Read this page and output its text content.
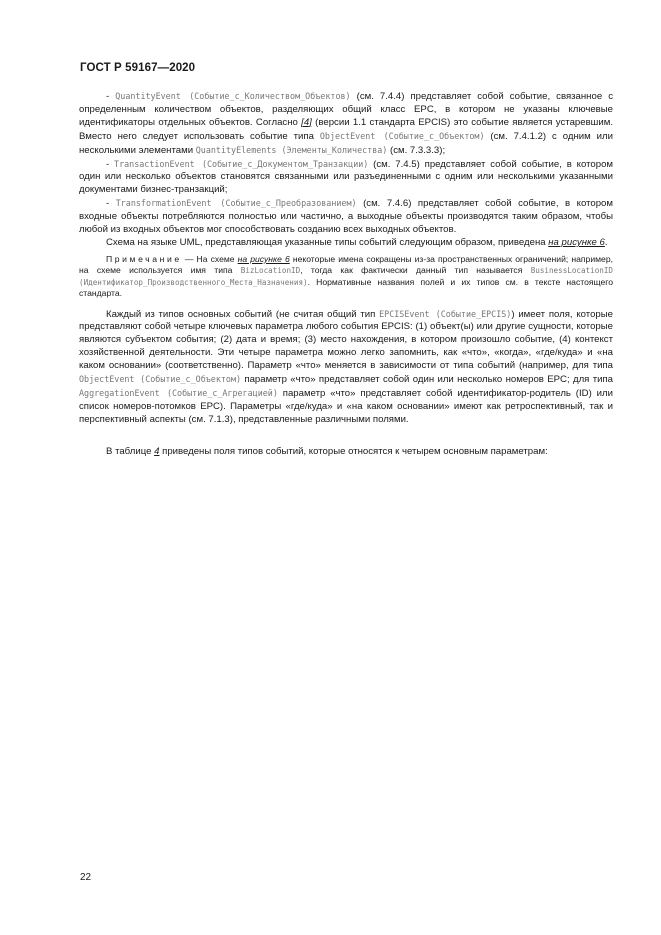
ГОСТ Р 59167—2020

- QuantityEvent (Событие_с_Количеством_Объектов) (см. 7.4.4) представляет собой событие, связанное с определенным количеством объектов, разделяющих общий класс EPC, в котором не указаны ключевые идентификаторы отдельных объектов. Согласно [4] (версии 1.1 стандарта EPCIS) это событие является устаревшим. Вместо него следует использовать событие типа ObjectEvent (Событие_с_Объектом) (см. 7.4.1.2) с одним или несколькими элементами QuantityElements (Элементы_Количества) (см. 7.3.3.3);

- TransactionEvent (Событие_с_Документом_Транзакции) (см. 7.4.5) представляет собой событие, в котором один или несколько объектов становятся связанными или разъединенными с одним или несколькими указанными документами бизнес-транзакций;

- TransformationEvent (Событие_с_Преобразованием) (см. 7.4.6) представляет собой событие, в котором входные объекты потребляются полностью или частично, а выходные объекты производятся таким образом, чтобы любой из входных объектов мог способствовать созданию всех выходных объектов.

Схема на языке UML, представляющая указанные типы событий следующим образом, приведена на рисунке 6.

Примечание — На схеме на рисунке 6 некоторые имена сокращены из-за пространственных ограничений; например, на схеме используется имя типа BizLocationID, тогда как фактически данный тип называется BusinessLocationID (Идентификатор_Производственного_Места_Назначения). Нормативные названия полей и их типов см. в тексте настоящего стандарта.

Каждый из типов основных событий (не считая общий тип EPCISEvent (Событие_EPCIS)) имеет поля, которые представляют собой четыре ключевых параметра любого события EPCIS: (1) объект(ы) или другие сущности, которые являются субъектом события; (2) дата и время; (3) место нахождения, в котором произошло событие, (4) контекст хозяйственной деятельности. Эти четыре параметра можно легко запомнить, как «что», «когда», «где/куда» и «на каком основании» (соответственно). Параметр «что» меняется в зависимости от типа событий (например, для типа ObjectEvent (Событие_с_Объектом) параметр «что» представляет собой один или несколько номеров EPC; для типа AggregationEvent (Событие_с_Агрегацией) параметр «что» представляет собой идентификатор-родитель (ID) или список номеров-потомков EPC). Параметры «где/куда» и «на каком основании» имеют как ретроспективный, так и перспективный аспекты (см. 7.1.3), представленные различными полями.

В таблице 4 приведены поля типов событий, которые относятся к четырем основным параметрам:

22
